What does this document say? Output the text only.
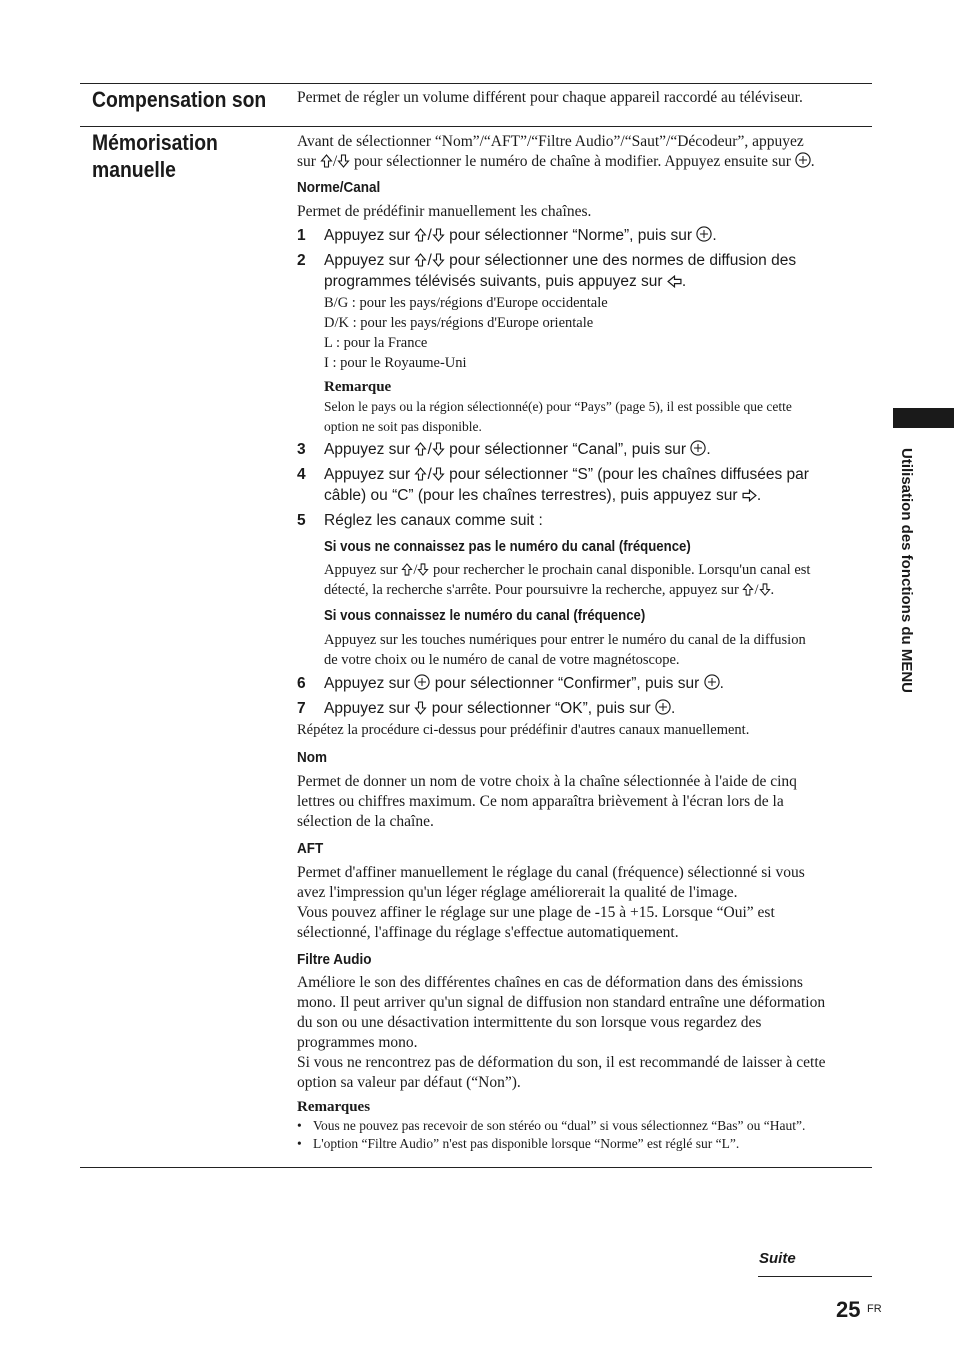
Compensation son Permet de régler un volume différent pour chaque appareil raccordé au téléviseur.

Mémorisation
manuelle

Avant de sélectionner “Nom”/“AFT”/“Filtre Audio”/“Saut”/“Décodeur”, appuyez

sur / pour sélectionner le numéro de chaîne à modifier. Appuyez ensuite sur .

Norme/Canal

Permet de prédéfinir manuellement les chaînes.

1 Appuyez sur / pour sélectionner “Norme”, puis sur .

2 Appuyez sur / pour sélectionner une des normes de diffusion des
programmes télévisés suivants, puis appuyez sur .

B/G : pour les pays/régions d'Europe occidentale

D/K : pour les pays/régions d'Europe orientale

L : pour la France

I : pour le Royaume-Uni

Remarque

Selon le pays ou la région sélectionné(e) pour “Pays” (page 5), il est possible que cette

option ne soit pas disponible.

3 Appuyez sur / pour sélectionner “Canal”, puis sur .

4 Appuyez sur / pour sélectionner “S” (pour les chaînes diffusées par
câble) ou “C” (pour les chaînes terrestres), puis appuyez sur .

5 Réglez les canaux comme suit :

Si vous ne connaissez pas le numéro du canal (fréquence)

Appuyez sur / pour rechercher le prochain canal disponible. Lorsqu'un canal est

détecté, la recherche s'arrête. Pour poursuivre la recherche, appuyez sur / .

Si vous connaissez le numéro du canal (fréquence)

Appuyez sur les touches numériques pour entrer le numéro du canal de la diffusion

de votre choix ou le numéro de canal de votre magnétoscope.

6 Appuyez sur pour sélectionner “Confirmer”, puis sur .

7 Appuyez sur pour sélectionner “OK”, puis sur .

Répétez la procédure ci-dessus pour prédéfinir d'autres canaux manuellement.

Nom

Permet de donner un nom de votre choix à la chaîne sélectionnée à l'aide de cinq

lettres ou chiffres maximum. Ce nom apparaîtra brièvement à l'écran lors de la

sélection de la chaîne.

AFT

Permet d'affiner manuellement le réglage du canal (fréquence) sélectionné si vous

avez l'impression qu'un léger réglage améliorerait la qualité de l'image.

Vous pouvez affiner le réglage sur une plage de -15 à +15. Lorsque “Oui” est

sélectionné, l'affinage du réglage s'effectue automatiquement.

Filtre Audio

Améliore le son des différentes chaînes en cas de déformation dans des émissions

mono. Il peut arriver qu'un signal de diffusion non standard entraîne une déformation

du son ou une désactivation intermittente du son lorsque vous regardez des

programmes mono.

Si vous ne rencontrez pas de déformation du son, il est recommandé de laisser à cette

option sa valeur par défaut (“Non”).

Remarques

• Vous ne pouvez pas recevoir de son stéréo ou “dual” si vous sélectionnez “Bas” ou “Haut”.

• L'option “Filtre Audio” n'est pas disponible lorsque “Norme” est réglé sur “L”.

Utilisation des fonctions du MENU
Suite
25 FR
